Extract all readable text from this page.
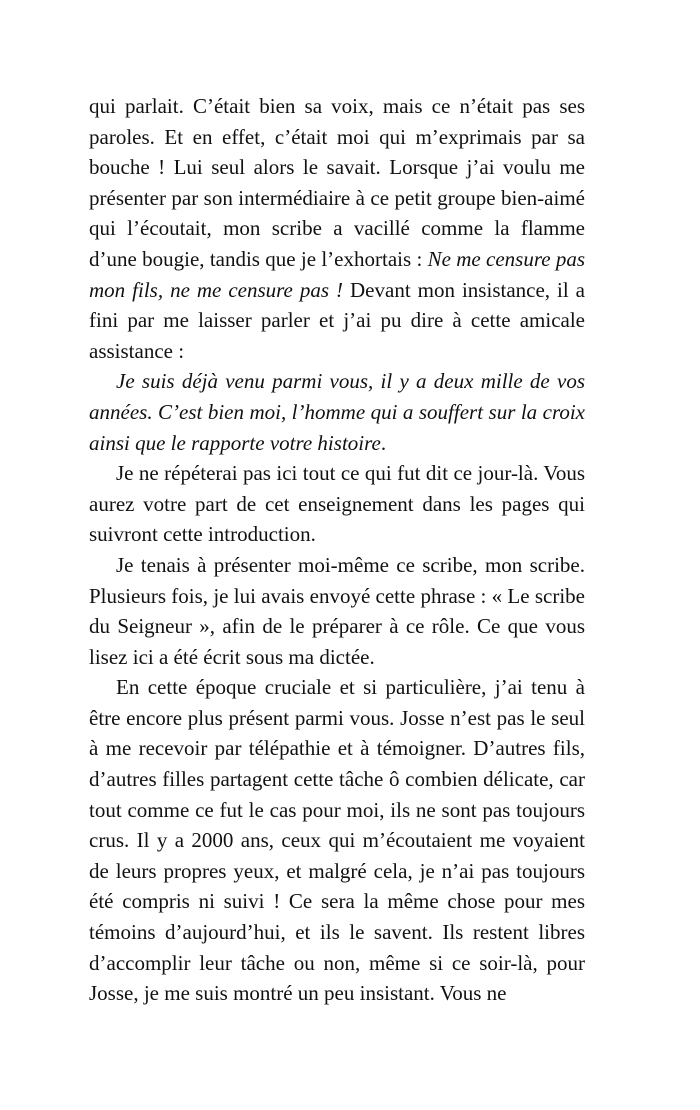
qui parlait. C’était bien sa voix, mais ce n’était pas ses paroles. Et en effet, c’était moi qui m’exprimais par sa bouche ! Lui seul alors le savait. Lorsque j’ai voulu me présenter par son intermédiaire à ce petit groupe bien-aimé qui l’écoutait, mon scribe a vacillé comme la flamme d’une bougie, tandis que je l’exhortais : Ne me censure pas mon fils, ne me censure pas ! Devant mon insistance, il a fini par me laisser parler et j’ai pu dire à cette amicale assistance :

Je suis déjà venu parmi vous, il y a deux mille de vos années. C’est bien moi, l’homme qui a souffert sur la croix ainsi que le rapporte votre histoire.

Je ne répéterai pas ici tout ce qui fut dit ce jour-là. Vous aurez votre part de cet enseignement dans les pages qui suivront cette introduction.

Je tenais à présenter moi-même ce scribe, mon scribe. Plusieurs fois, je lui avais envoyé cette phrase : « Le scribe du Seigneur », afin de le préparer à ce rôle. Ce que vous lisez ici a été écrit sous ma dictée.

En cette époque cruciale et si particulière, j’ai tenu à être encore plus présent parmi vous. Josse n’est pas le seul à me recevoir par télépathie et à témoigner. D’autres fils, d’autres filles partagent cette tâche ô combien délicate, car tout comme ce fut le cas pour moi, ils ne sont pas toujours crus. Il y a 2000 ans, ceux qui m’écoutaient me voyaient de leurs propres yeux, et malgré cela, je n’ai pas toujours été compris ni suivi ! Ce sera la même chose pour mes témoins d’aujourd’hui, et ils le savent. Ils restent libres d’accomplir leur tâche ou non, même si ce soir-là, pour Josse, je me suis montré un peu insistant. Vous ne
